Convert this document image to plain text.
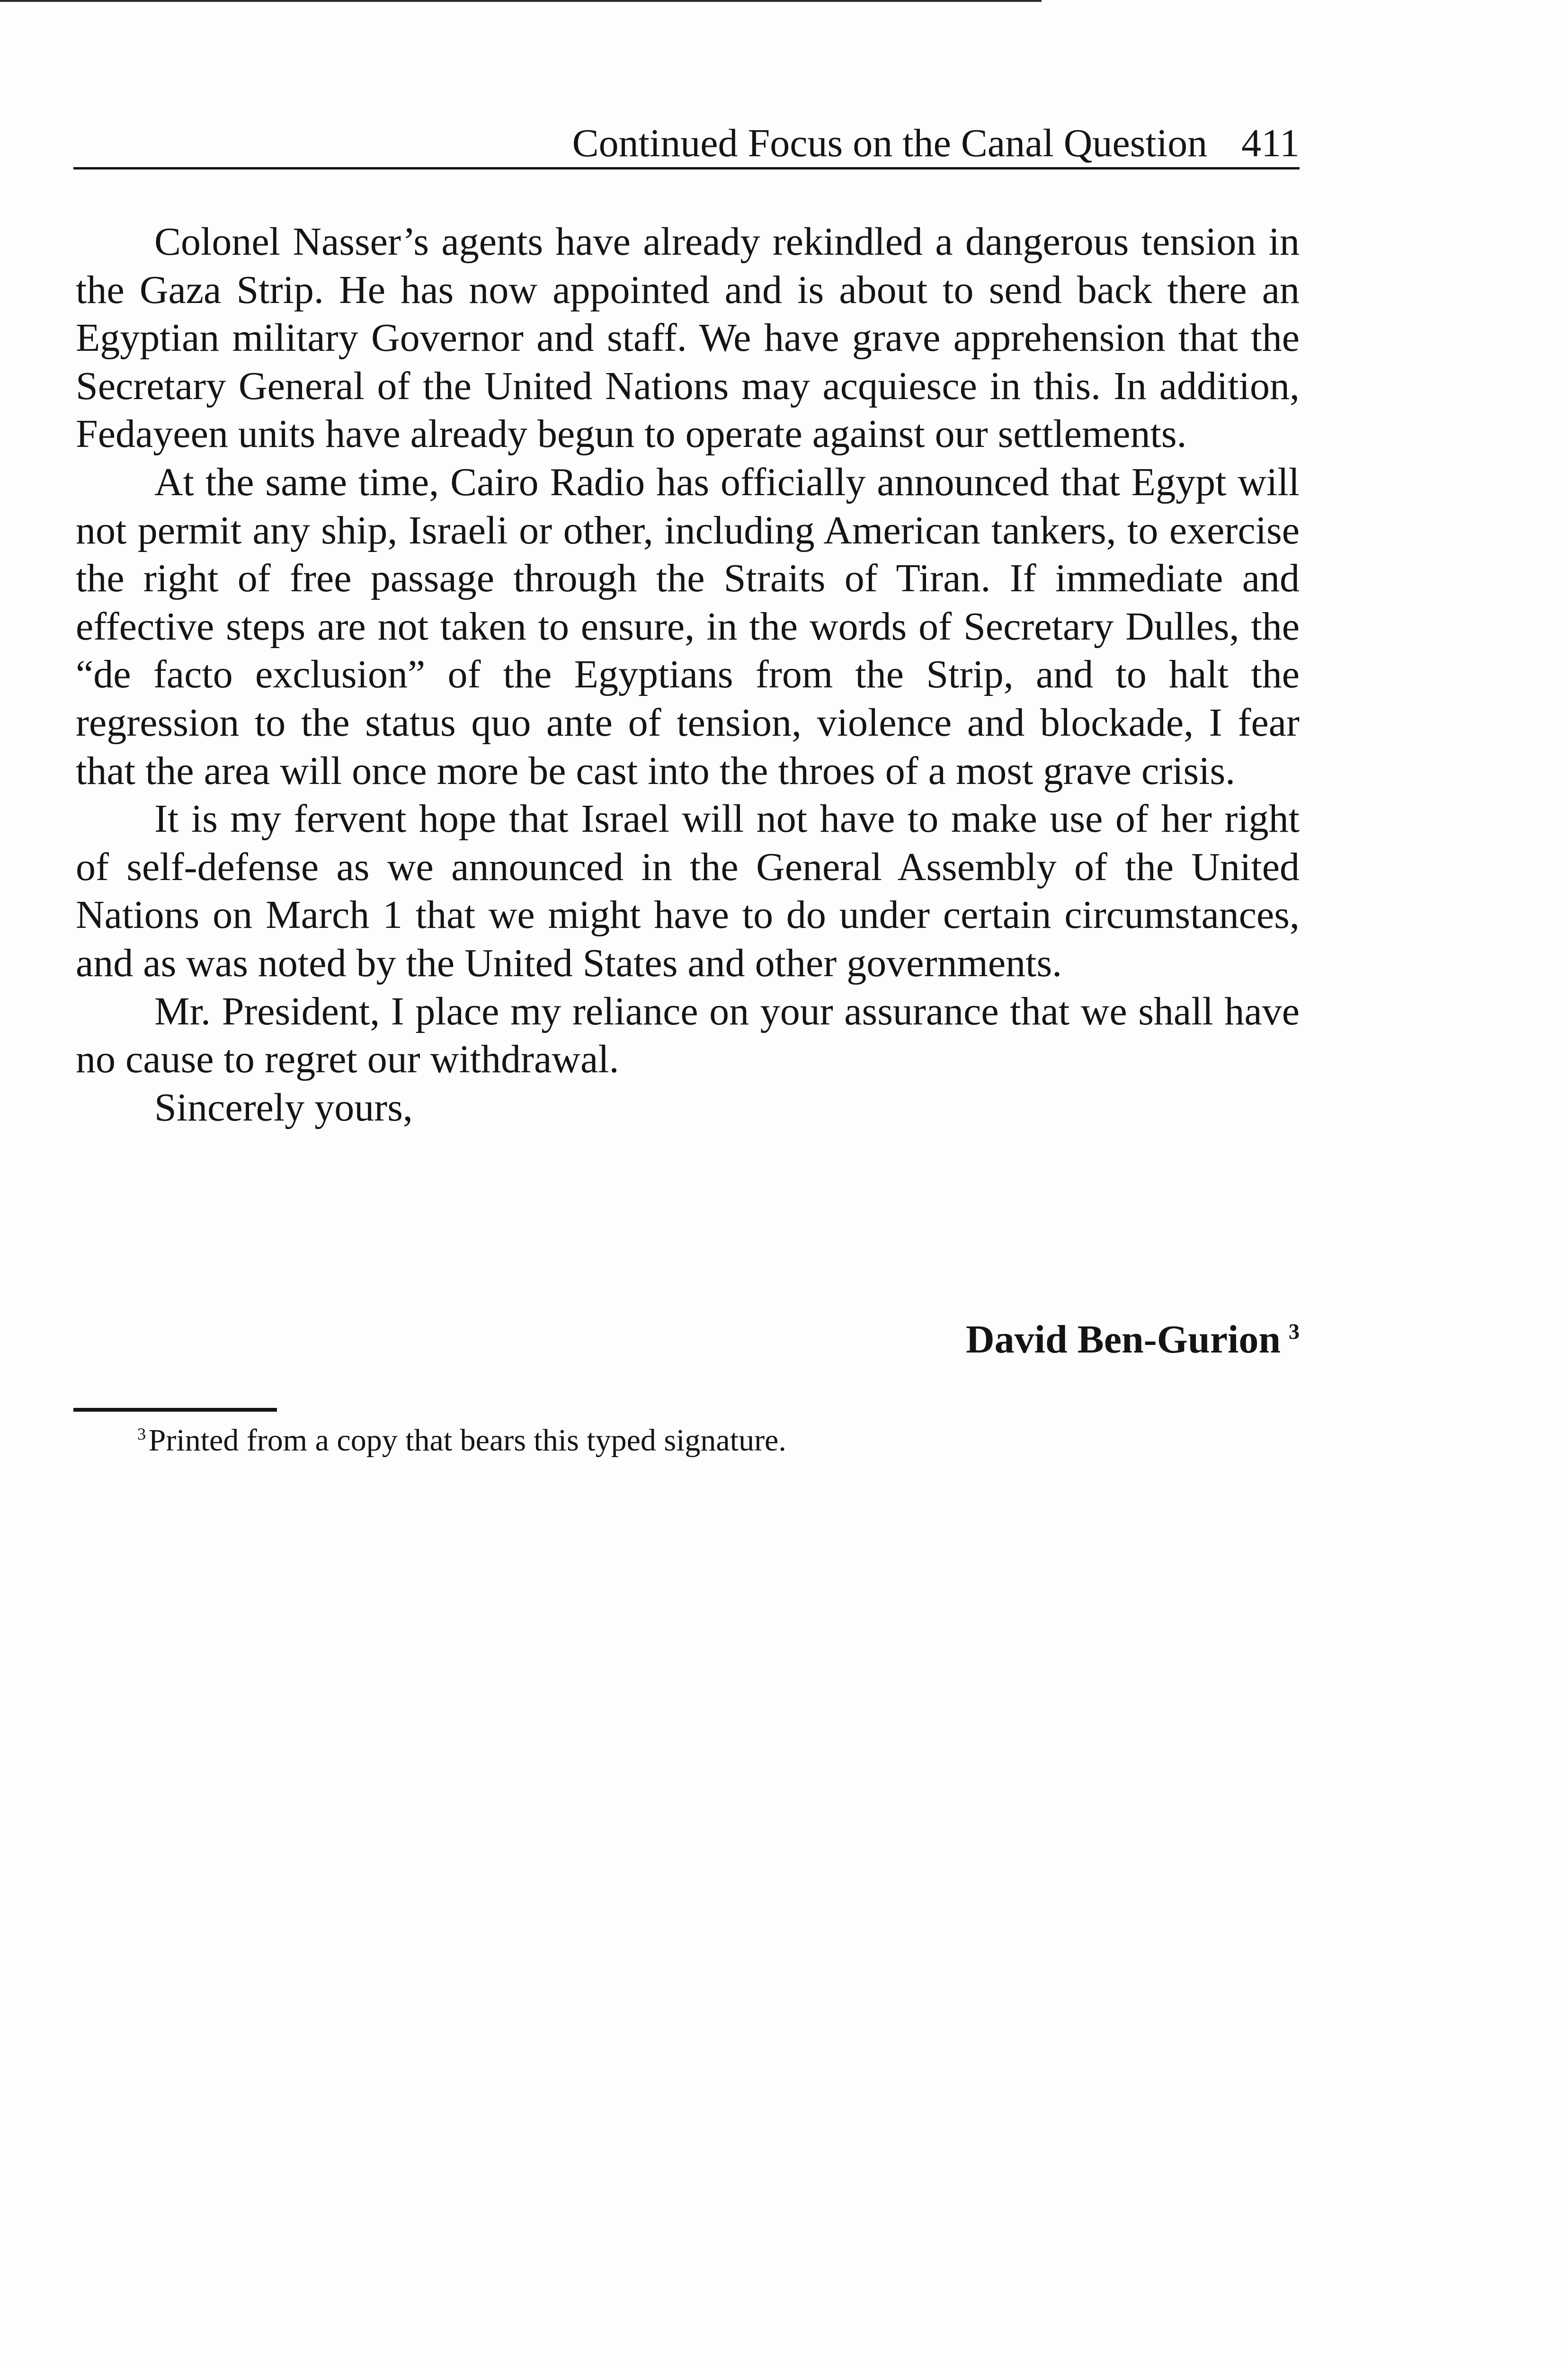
Continued Focus on the Canal Question 411

Colonel Nasser’s agents have already rekindled a dangerous tension in the Gaza Strip. He has now appointed and is about to send back there an Egyptian military Governor and staff. We have grave apprehension that the Secretary General of the United Nations may acquiesce in this. In addition, Fedayeen units have already begun to operate against our settlements.

At the same time, Cairo Radio has officially announced that Egypt will not permit any ship, Israeli or other, including American tankers, to exercise the right of free passage through the Straits of Tiran. If immediate and effective steps are not taken to ensure, in the words of Secretary Dulles, the “de facto exclusion” of the Egyptians from the Strip, and to halt the regression to the status quo ante of tension, violence and blockade, I fear that the area will once more be cast into the throes of a most grave crisis.

It is my fervent hope that Israel will not have to make use of her right of self-defense as we announced in the General Assembly of the United Nations on March 1 that we might have to do under certain circumstances, and as was noted by the United States and other governments.

Mr. President, I place my reliance on your assurance that we shall have no cause to regret our withdrawal.

Sincerely yours,

David Ben-Gurion  $^3$
$^3$ Printed from a copy that bears this typed signature.
